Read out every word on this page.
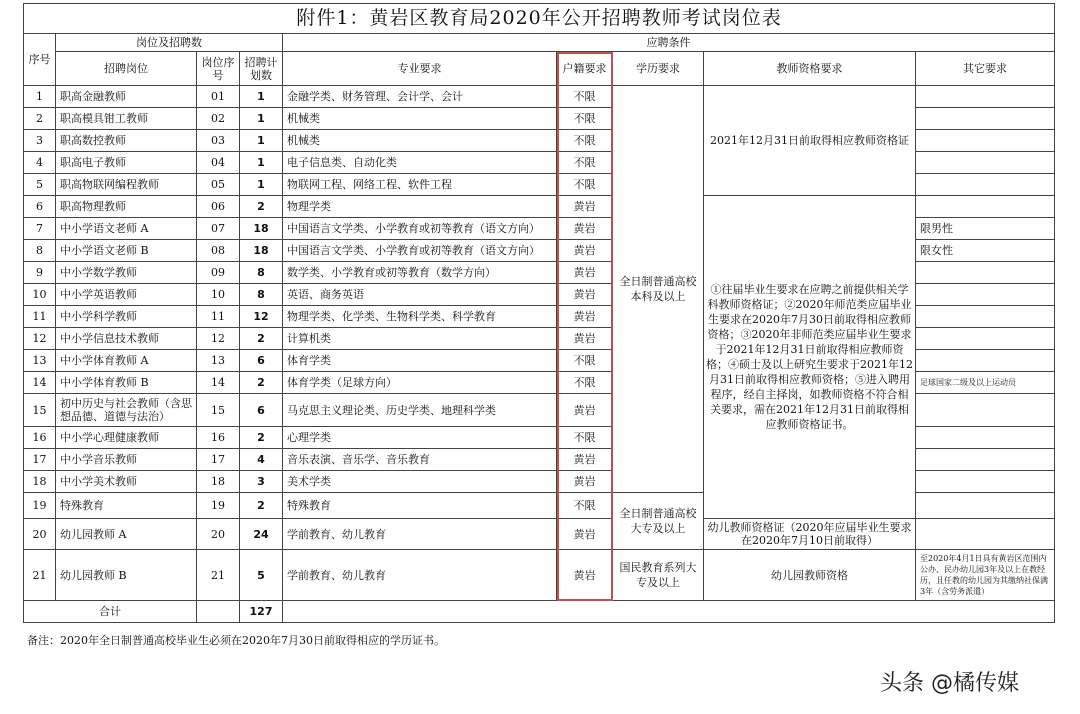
附件1：黄岩区教育局2020年公开招聘教师考试岗位表								
序号	岗位及招聘数			应聘条件				
	招聘岗位	岗位序号	招聘计划数	专业要求	户籍要求	学历要求	教师资格要求	其它要求
1	职高金融教师	01	1	金融学类、财务管理、会计学、会计	不限	全日制普通高校本科及以上	2021年12月31日前取得相应教师资格证	
2	职高模具钳工教师	02	1	机械类	不限			
3	职高数控教师	03	1	机械类	不限			
4	职高电子教师	04	1	电子信息类、自动化类	不限			
5	职高物联网编程教师	05	1	物联网工程、网络工程、软件工程	不限			
6	职高物理教师	06	2	物理学类	黄岩		①往届毕业生要求在应聘之前提供相关学科教师资格证；②2020年师范类应届毕业生要求在2020年7月30日前取得相应教师资格；③2020年非师范类应届毕业生要求于2021年12月31日前取得相应教师资格；④硕士及以上研究生要求于2021年12月31日前取得相应教师资格；⑤进入聘用程序，经自主择岗，如教师资格不符合相关要求，需在2021年12月31日前取得相应教师资格证书。	
7	中小学语文老师 A	07	18	中国语言文学类、小学教育或初等教育（语文方向）	黄岩			限男性
8	中小学语文老师 B	08	18	中国语言文学类、小学教育或初等教育（语文方向）	黄岩			限女性
9	中小学数学教师	09	8	数学类、小学教育或初等教育（数学方向）	黄岩			
10	中小学英语教师	10	8	英语、商务英语	黄岩			
11	中小学科学教师	11	12	物理学类、化学类、生物科学类、科学教育	黄岩			
12	中小学信息技术教师	12	2	计算机类	黄岩			
13	中小学体育教师 A	13	6	体育学类	不限			
14	中小学体育教师 B	14	2	体育学类（足球方向）	不限			足球国家二级及以上运动员
15	初中历史与社会教师（含思想品德、道德与法治）	15	6	马克思主义理论类、历史学类、地理科学类	黄岩			
16	中小学心理健康教师	16	2	心理学类	不限			
17	中小学音乐教师	17	4	音乐表演、音乐学、音乐教育	黄岩			
18	中小学美术教师	18	3	美术学类	黄岩			
19	特殊教育	19	2	特殊教育	不限	全日制普通高校大专及以上		
20	幼儿园教师 A	20	24	学前教育、幼儿教育	黄岩		幼儿教师资格证（2020年应届毕业生要求在2020年7月10日前取得）	
21	幼儿园教师 B	21	5	学前教育、幼儿教育	黄岩	国民教育系列大专及以上	幼儿园教师资格	至2020年4月1日具有黄岩区范围内公办、民办幼儿园3年及以上在教经历，且任教的幼儿园为其缴纳社保满3年（含劳务派遣）
合计			127					
备注：2020年全日制普通高校毕业生必须在2020年7月30日前取得相应的学历证书。
头条 @橘传媒
